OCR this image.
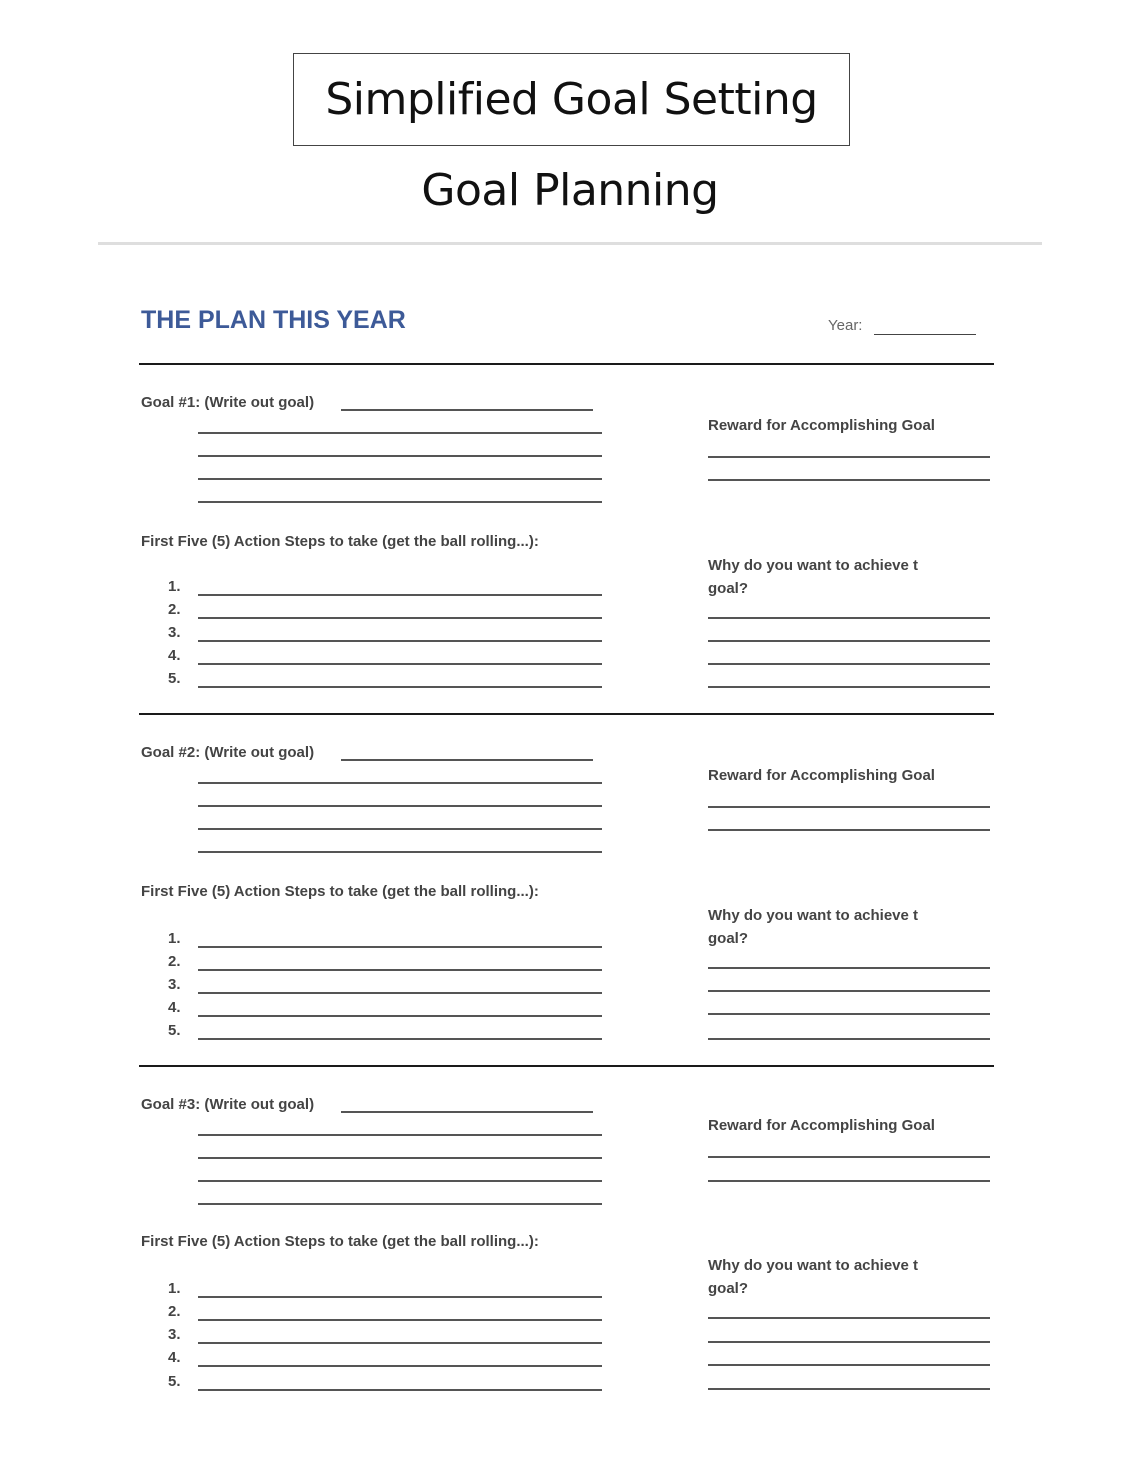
Simplified Goal Setting
Goal Planning
THE PLAN THIS YEAR	Year:
Goal #1: (Write out goal)
Reward for Accomplishing Goal
First Five (5) Action Steps to take (get the ball rolling...):
1.
2.
3.
4.
5.
Why do you want to achieve t goal?
Goal #2: (Write out goal)
Reward for Accomplishing Goal
First Five (5) Action Steps to take (get the ball rolling...):
1.
2.
3.
4.
5.
Why do you want to achieve t goal?
Goal #3: (Write out goal)
Reward for Accomplishing Goal
First Five (5) Action Steps to take (get the ball rolling...):
1.
2.
3.
4.
5.
Why do you want to achieve t goal?
